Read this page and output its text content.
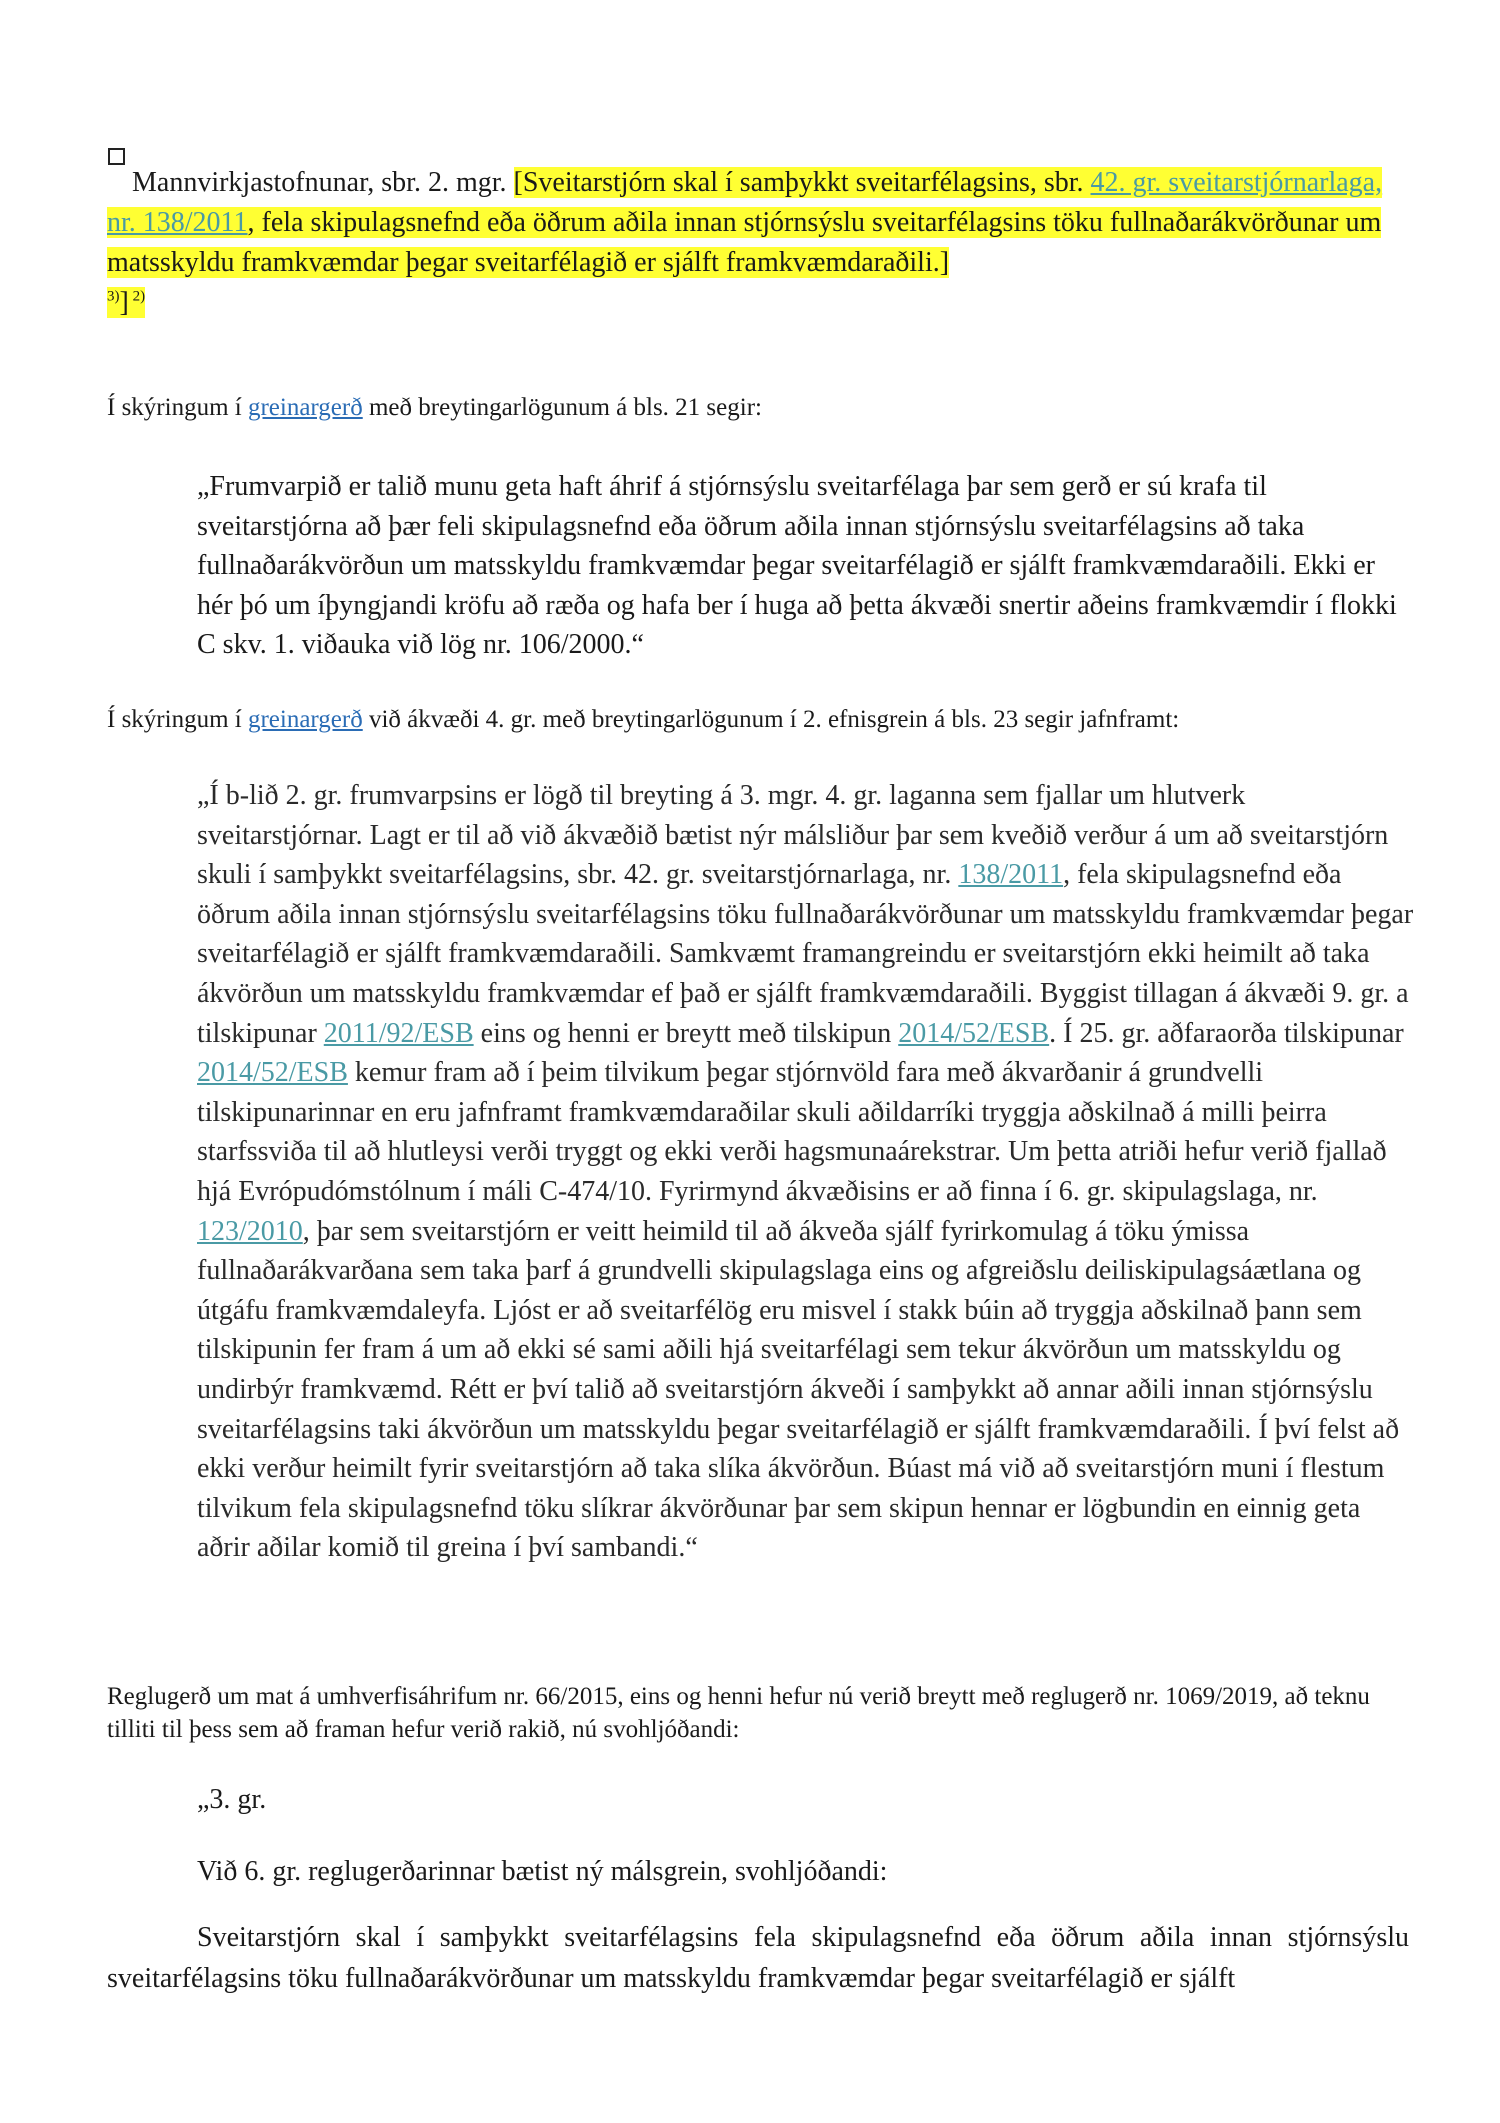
Mannvirkjastofnunar, sbr. 2. mgr. [Sveitarstjórn skal í samþykkt sveitarfélagsins, sbr. 42. gr. sveitarstjórnarlaga, nr. 138/2011, fela skipulagsnefnd eða öðrum aðila innan stjórnsýslu sveitarfélagsins töku fullnaðarákvörðunar um matsskyldu framkvæmdar þegar sveitarfélagið er sjálft framkvæmdaraðili.]
$^{3)}$] $^{2)}$
Í skýringum í greinargerð með breytingarlögunum á bls. 21 segir:

„Frumvarpið er talið munu geta haft áhrif á stjórnsýslu sveitarfélaga þar sem gerð er sú krafa til sveitarstjórna að þær feli skipulagsnefnd eða öðrum aðila innan stjórnsýslu sveitarfélagsins að taka fullnaðarákvörðun um matsskyldu framkvæmdar þegar sveitarfélagið er sjálft framkvæmdaraðili. Ekki er hér þó um íþyngjandi kröfu að ræða og hafa ber í huga að þetta ákvæði snertir aðeins framkvæmdir í flokki C skv. 1. viðauka við lög nr. 106/2000.“

Í skýringum í greinargerð við ákvæði 4. gr. með breytingarlögunum í 2. efnisgrein á bls. 23 segir jafnframt:

„Í b-lið 2. gr. frumvarpsins er lögð til breyting á 3. mgr. 4. gr. laganna sem fjallar um hlutverk sveitarstjórnar. Lagt er til að við ákvæðið bætist nýr málsliður þar sem kveðið verður á um að sveitarstjórn skuli í samþykkt sveitarfélagsins, sbr. 42. gr. sveitarstjórnarlaga, nr. 138/2011, fela skipulagsnefnd eða öðrum aðila innan stjórnsýslu sveitarfélagsins töku fullnaðarákvörðunar um matsskyldu framkvæmdar þegar sveitarfélagið er sjálft framkvæmdaraðili. Samkvæmt framangreindu er sveitarstjórn ekki heimilt að taka ákvörðun um matsskyldu framkvæmdar ef það er sjálft framkvæmdaraðili. Byggist tillagan á ákvæði 9. gr. a tilskipunar 2011/92/ESB eins og henni er breytt með tilskipun 2014/52/ESB. Í 25. gr. aðfaraorða tilskipunar 2014/52/ESB kemur fram að í þeim tilvikum þegar stjórnvöld fara með ákvarðanir á grundvelli tilskipunarinnar en eru jafnframt framkvæmdaraðilar skuli aðildarríki tryggja aðskilnað á milli þeirra starfssviða til að hlutleysi verði tryggt og ekki verði hagsmunaárekstrar. Um þetta atriði hefur verið fjallað hjá Evrópudómstólnum í máli C-474/10. Fyrirmynd ákvæðisins er að finna í 6. gr. skipulagslaga, nr. 123/2010, þar sem sveitarstjórn er veitt heimild til að ákveða sjálf fyrirkomulag á töku ýmissa fullnaðarákvarðana sem taka þarf á grundvelli skipulagslaga eins og afgreiðslu deiliskipulagsáætlana og útgáfu framkvæmdaleyfa. Ljóst er að sveitarfélög eru misvel í stakk búin að tryggja aðskilnað þann sem tilskipunin fer fram á um að ekki sé sami aðili hjá sveitarfélagi sem tekur ákvörðun um matsskyldu og undirbýr framkvæmd. Rétt er því talið að sveitarstjórn ákveði í samþykkt að annar aðili innan stjórnsýslu sveitarfélagsins taki ákvörðun um matsskyldu þegar sveitarfélagið er sjálft framkvæmdaraðili. Í því felst að ekki verður heimilt fyrir sveitarstjórn að taka slíka ákvörðun. Búast má við að sveitarstjórn muni í flestum tilvikum fela skipulagsnefnd töku slíkrar ákvörðunar þar sem skipun hennar er lögbundin en einnig geta aðrir aðilar komið til greina í því sambandi.“

Reglugerð um mat á umhverfisáhrifum nr. 66/2015, eins og henni hefur nú verið breytt með reglugerð nr. 1069/2019, að teknu tilliti til þess sem að framan hefur verið rakið, nú svohljóðandi:
„3. gr.
Við 6. gr. reglugerðarinnar bætist ný málsgrein, svohljóðandi:
Sveitarstjórn skal í samþykkt sveitarfélagsins fela skipulagsnefnd eða öðrum aðila innan stjórnsýslu sveitarfélagsins töku fullnaðarákvörðunar um matsskyldu framkvæmdar þegar sveitarfélagið er sjálft
